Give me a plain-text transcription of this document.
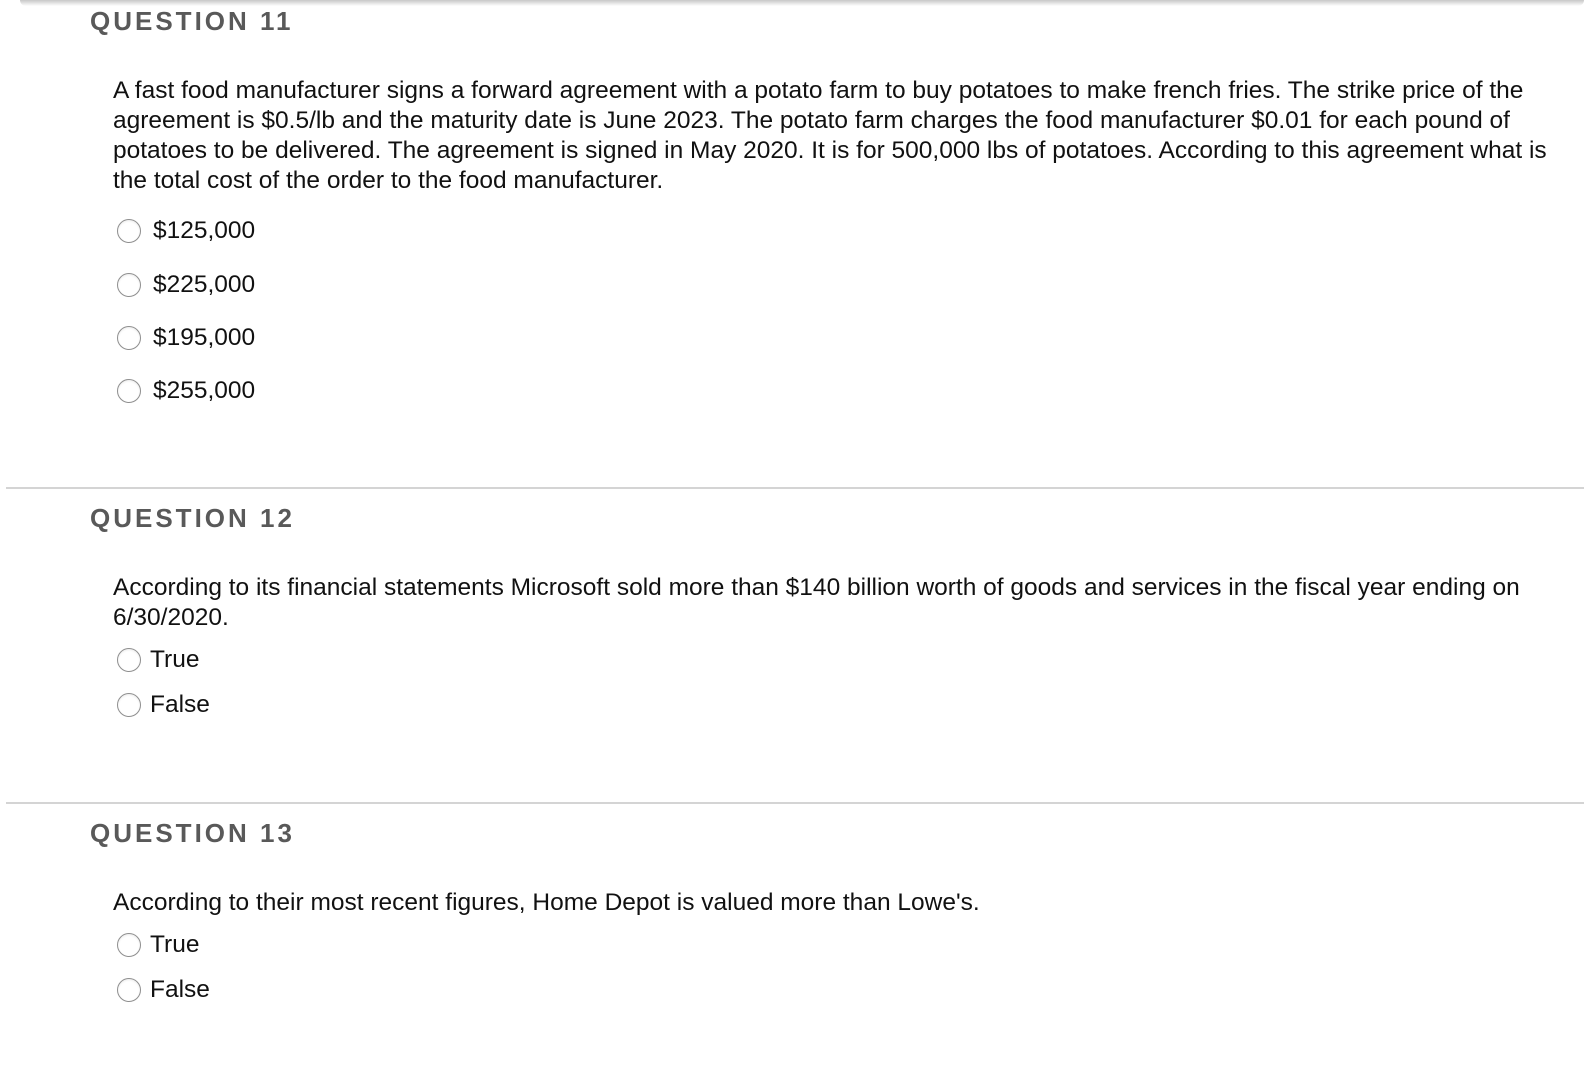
QUESTION 11

A fast food manufacturer signs a forward agreement with a potato farm to buy potatoes to make french fries. The strike price of the agreement is $0.5/lb and the maturity date is June 2023. The potato farm charges the food manufacturer $0.01 for each pound of potatoes to be delivered. The agreement is signed in May 2020. It is for 500,000 lbs of potatoes. According to this agreement what is the total cost of the order to the food manufacturer.

$125,000
$225,000
$195,000
$255,000
QUESTION 12

According to its financial statements Microsoft sold more than $140 billion worth of goods and services in the fiscal year ending on 6/30/2020.

True
False
QUESTION 13

According to their most recent figures, Home Depot is valued more than Lowe's.

True
False
